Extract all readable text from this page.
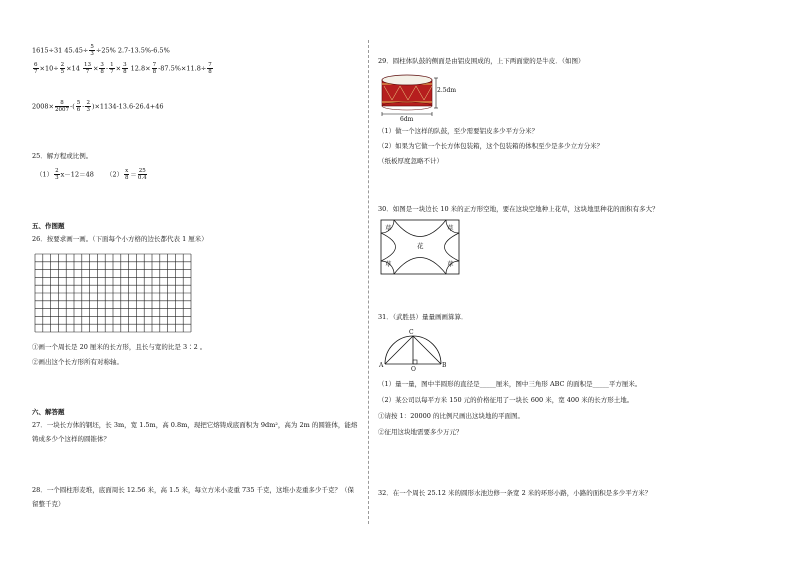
1615÷31 $45.45\div \frac{5}{3} \div 25\%$ 2.7-13.5%-6.5%
$\frac{6}{7} \times 10\div \frac{2}{5} \times 14 \frac{13}{7} \times \frac{3}{8} - \frac{1}{7} \times \frac{3}{8} 12.8\times \frac{7}{8} -87.5\%\times 11.8\div \frac{7}{8}$
$2008\times \frac{8}{2007}$ -( $\frac{5}{6} - \frac{2}{3} )\times 1134-13.6-26.4+46$
25．解方程或比例。
$(1) \frac{2}{3} x-12=48$ $(2) \frac{x}{8} = \frac{25}{0.4}$
五、作图题
26．按要求画一画。（下面每个小方格的边长都代表 1 厘米）
①画一个周长是 20 厘米的长方形，且长与宽的比是 3∶2 。
②画出这个长方形所有对称轴。
六、解答题
27．一块长方体的钢坯，长 3m，宽 1.5m，高 0.8m，现把它熔铸成底面积为 9dm²，高为 2m 的圆锥体，能熔
铸成多少个这样的圆锥体？
28．一个圆柱形麦堆，底面周长 12.56 米，高 1.5 米，每立方米小麦重 735 千克，这堆小麦重多少千克？（保
留整千克）
29．圆柱体队鼓的侧面是由铝皮围成的，上下两面蒙的是牛皮．（如图）
2.5dm
6dm
（1）做一个这样的队鼓，至少需要铝皮多少平方分米？
（2）如果为它做一个长方体包装箱，这个包装箱的体积至少是多少立方分米？
（纸板厚度忽略不计）
30．如图是一块边长 10 米的正方形空地，要在这块空地种上花草，这块地里种花的面积有多大？
草	草
草	草
花
31．（武胜县）量量画画算算．
C
A
O
B
（1）量一量，图中半圆形的直径是_____厘米，图中三角形 ABC 的面积是_____平方厘米。
（2）某公司以每平方米 150 元的价格征用了一块长 600 米，宽 400 米的长方形土地。
①请按 1：20000 的比例尺画出这块地的平面图。
②征用这块地需要多少万元？
32．在一个周长 25.12 米的圆形水池边修一条宽 2 米的环形小路，小路的面积是多少平方米？
